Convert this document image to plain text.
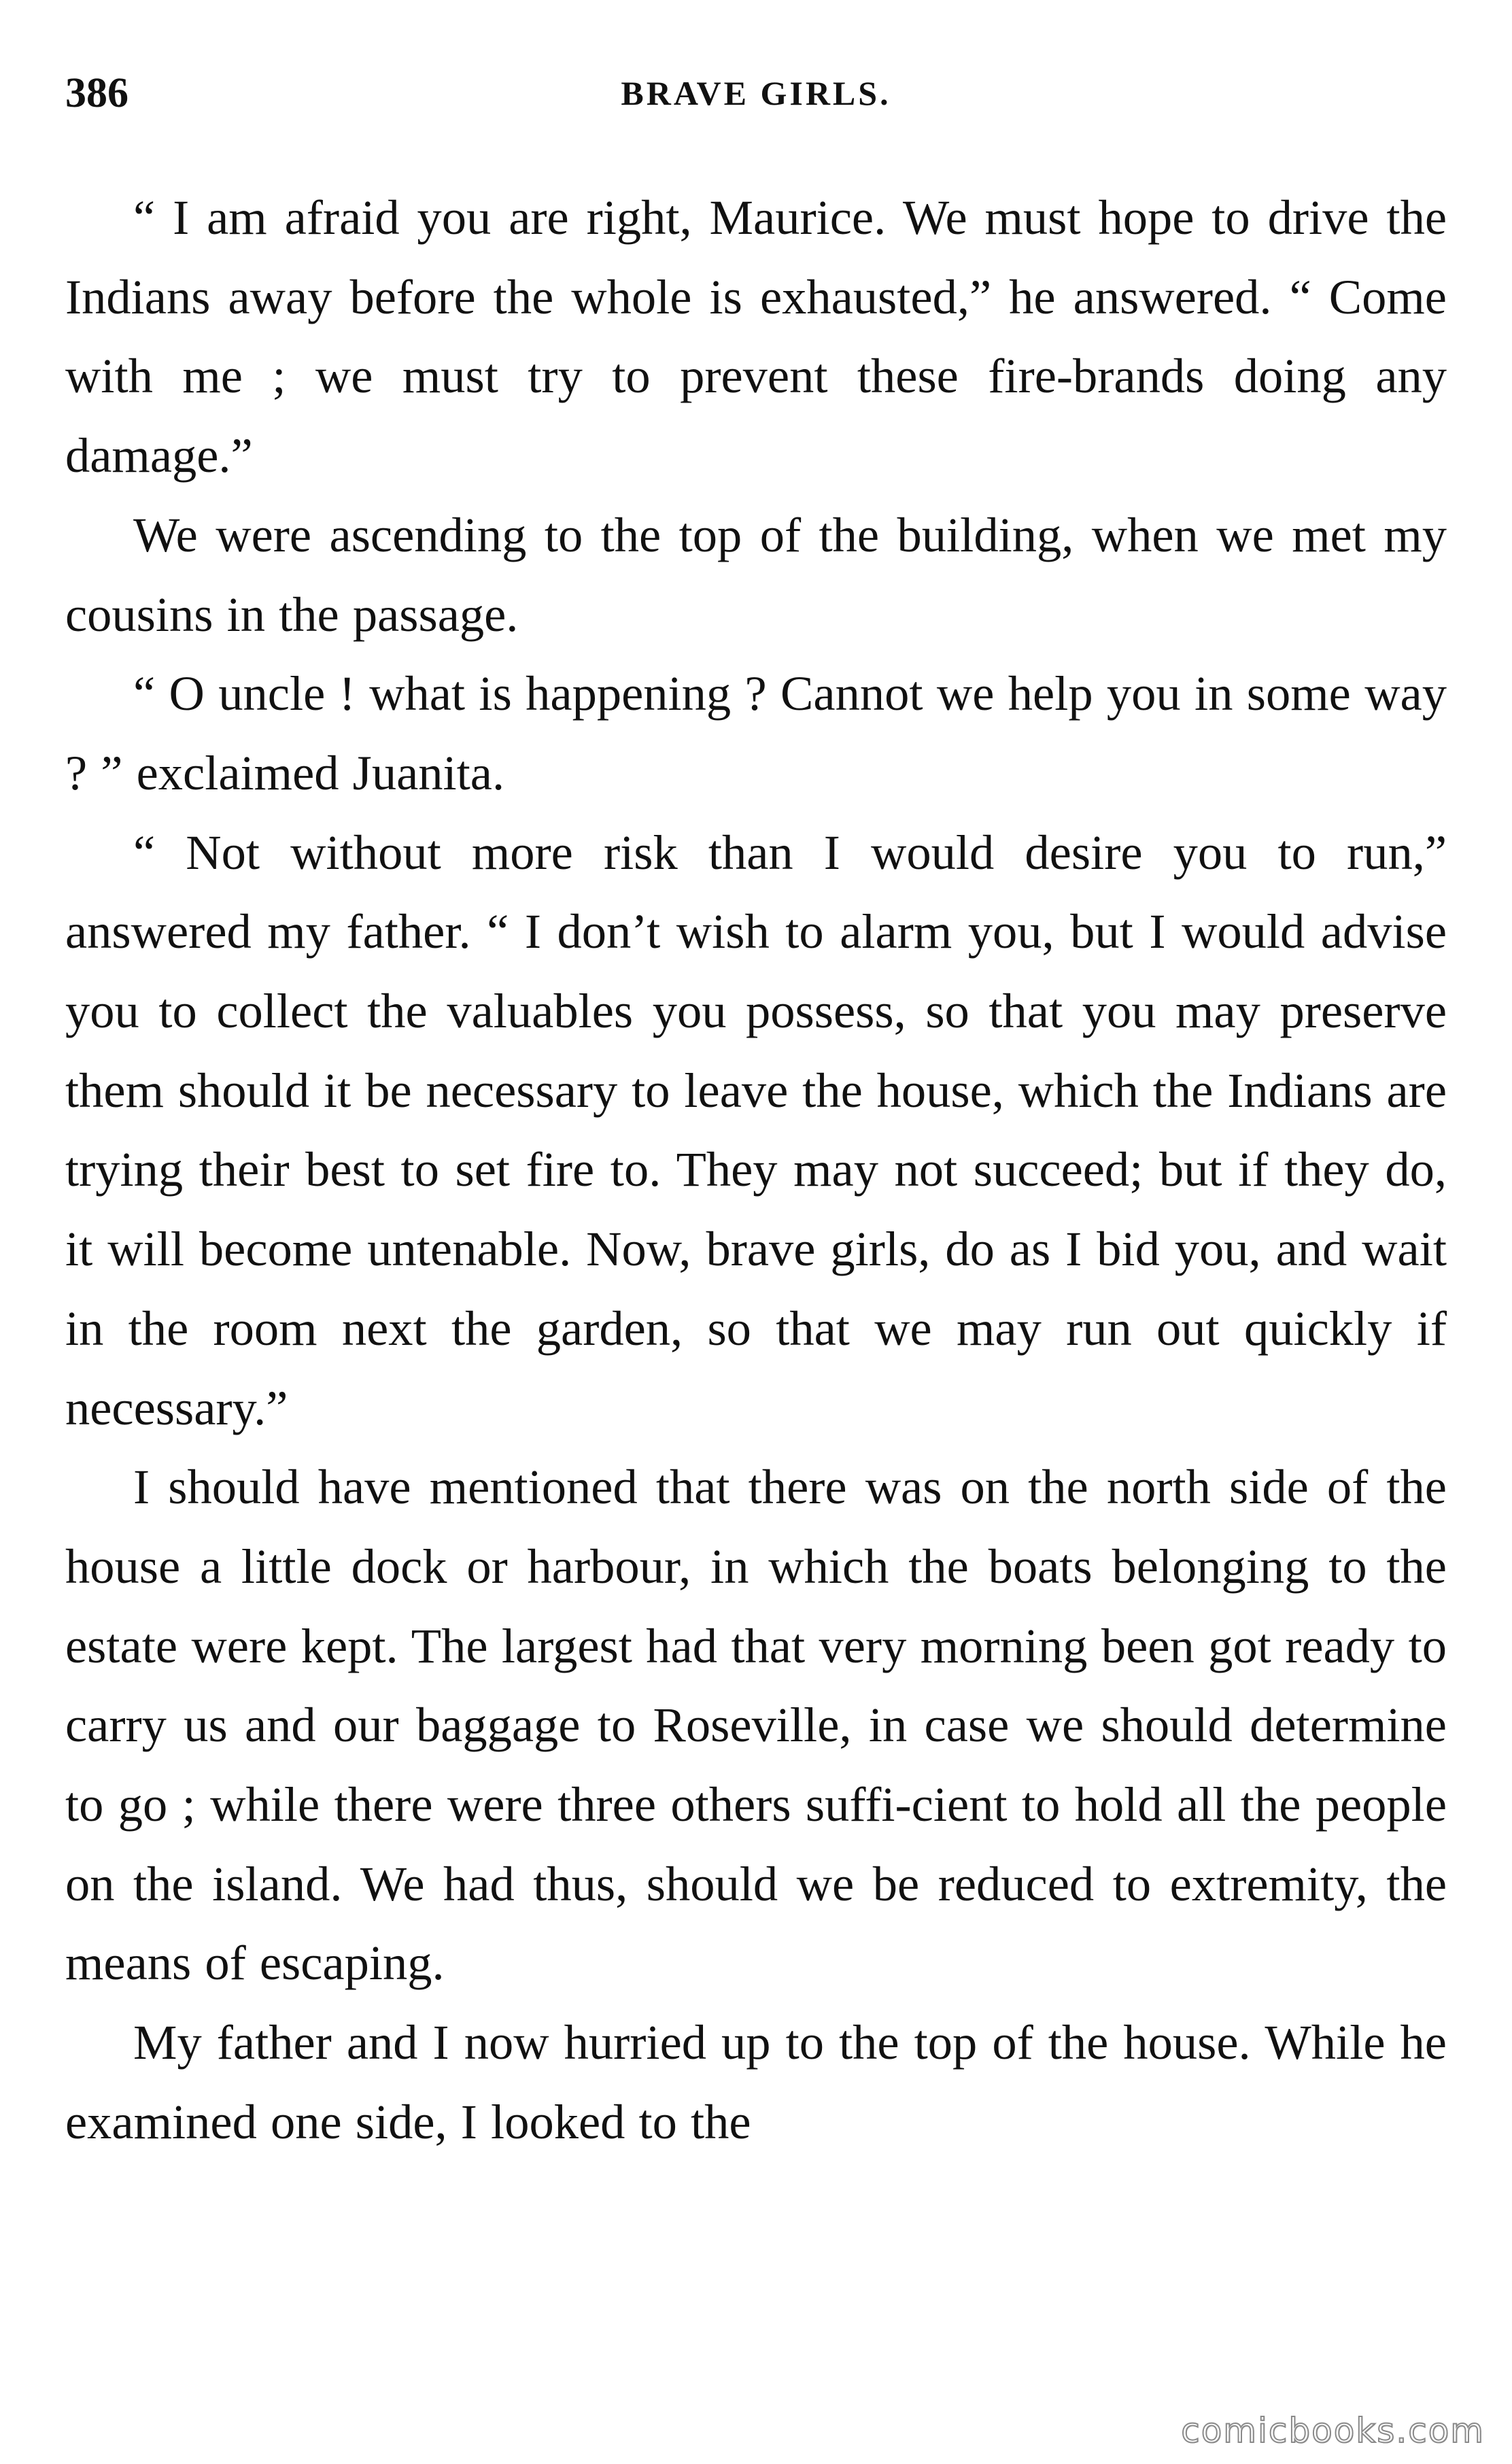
386	BRAVE GIRLS.

“ I am afraid you are right, Maurice. We must hope to drive the Indians away before the whole is exhausted,” he answered. “ Come with me ; we must try to prevent these fire-brands doing any damage.”

We were ascending to the top of the building, when we met my cousins in the passage.

“ O uncle ! what is happening ? Cannot we help you in some way ? ” exclaimed Juanita.

“ Not without more risk than I would desire you to run,” answered my father. “ I don’t wish to alarm you, but I would advise you to collect the valuables you possess, so that you may preserve them should it be necessary to leave the house, which the Indians are trying their best to set fire to. They may not succeed; but if they do, it will become untenable. Now, brave girls, do as I bid you, and wait in the room next the garden, so that we may run out quickly if necessary.”

I should have mentioned that there was on the north side of the house a little dock or harbour, in which the boats belonging to the estate were kept. The largest had that very morning been got ready to carry us and our baggage to Roseville, in case we should determine to go ; while there were three others suffi-cient to hold all the people on the island. We had thus, should we be reduced to extremity, the means of escaping.

My father and I now hurried up to the top of the house. While he examined one side, I looked to the

comicbooks.com
